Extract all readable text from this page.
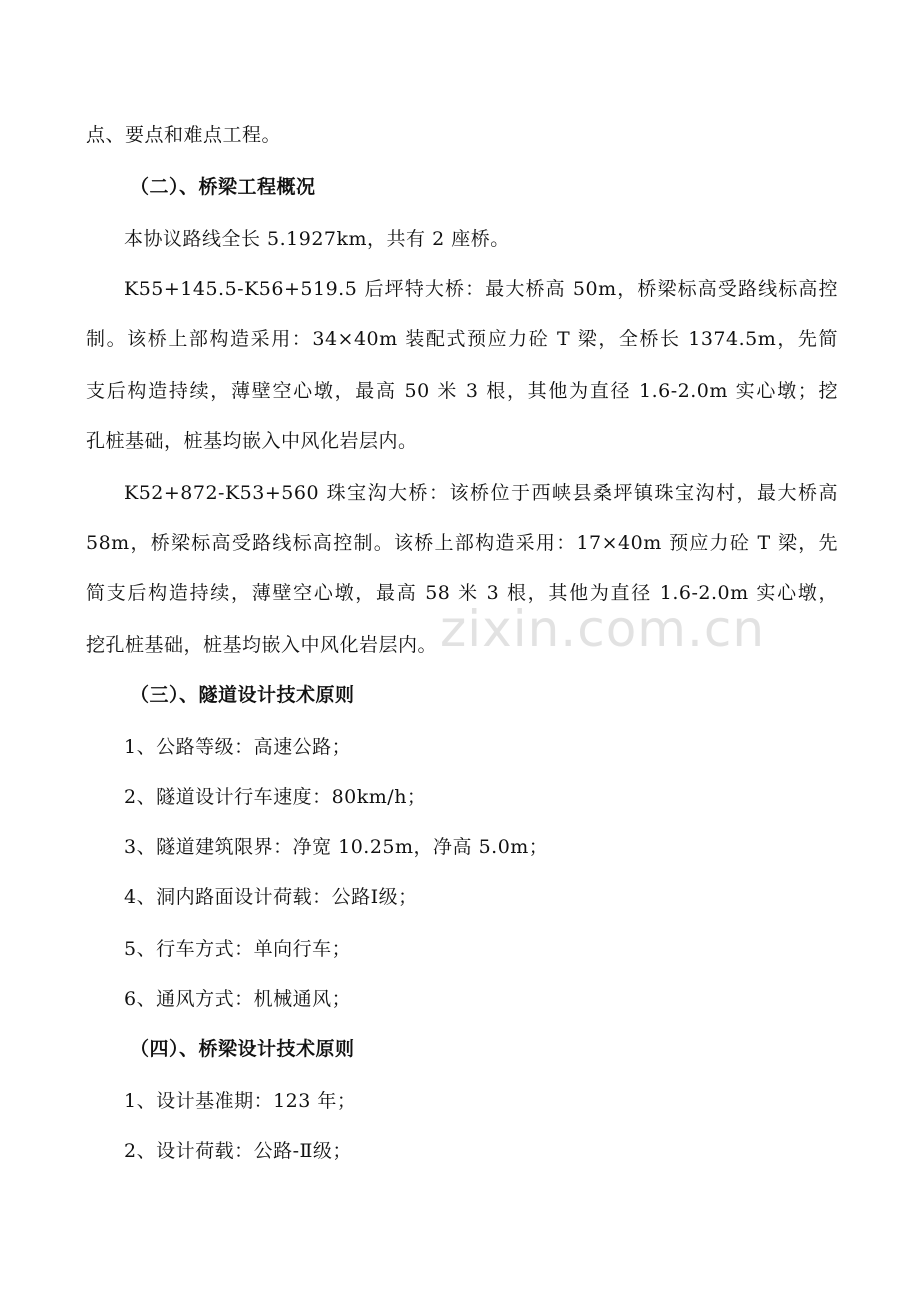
点、要点和难点工程。
（二）、桥梁工程概况
本协议路线全长 5.1927km，共有 2 座桥。
K55+145.5-K56+519.5 后坪特大桥：最大桥高 50m，桥梁标高受路线标高控
制。该桥上部构造采用：34×40m 装配式预应力砼 T 梁，全桥长 1374.5m，先简
支后构造持续，薄壁空心墩，最高 50 米 3 根，其他为直径 1.6-2.0m 实心墩；挖
孔桩基础，桩基均嵌入中风化岩层内。
K52+872-K53+560 珠宝沟大桥：该桥位于西峡县桑坪镇珠宝沟村，最大桥高
58m，桥梁标高受路线标高控制。该桥上部构造采用：17×40m 预应力砼 T 梁，先
简支后构造持续，薄壁空心墩，最高 58 米 3 根，其他为直径 1.6-2.0m 实心墩，
挖孔桩基础，桩基均嵌入中风化岩层内。
（三）、隧道设计技术原则
1、公路等级：高速公路；
2、隧道设计行车速度：80km/h；
3、隧道建筑限界：净宽 10.25m，净高 5.0m；
4、洞内路面设计荷载：公路Ⅰ级；
5、行车方式：单向行车；
6、通风方式：机械通风；
（四）、桥梁设计技术原则
1、设计基准期：123 年；
2、设计荷载：公路-Ⅱ级；
zixin.com.cn
